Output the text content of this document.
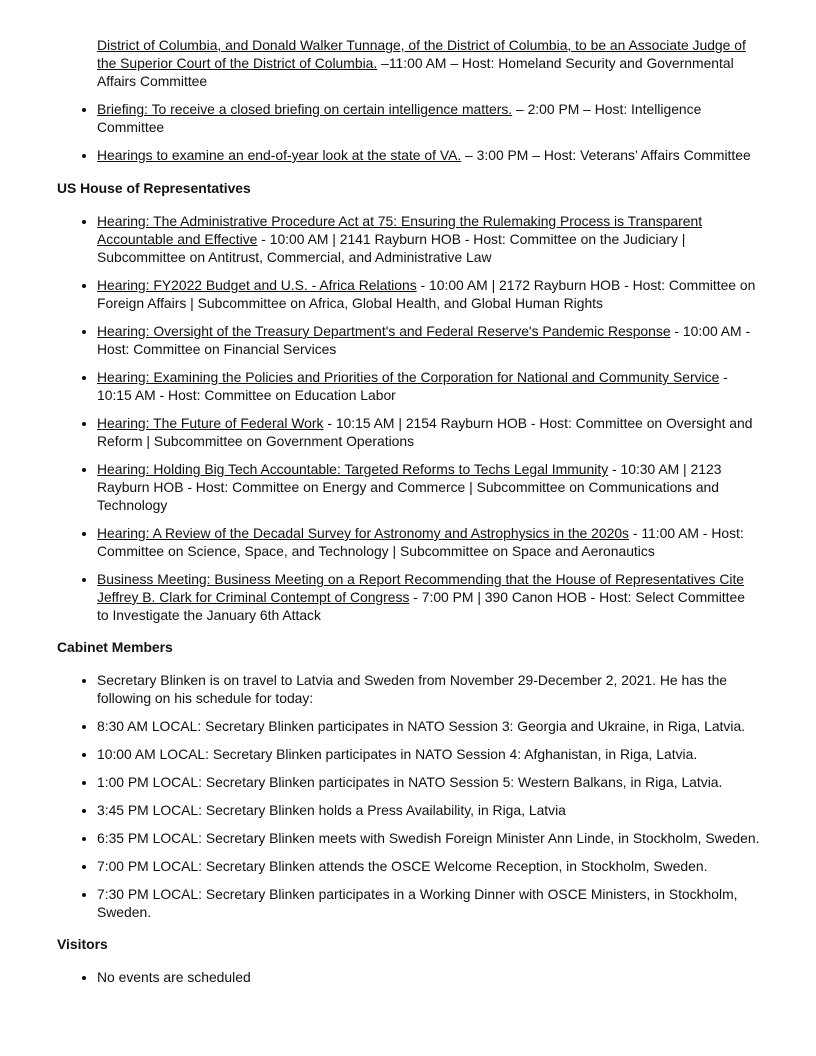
District of Columbia, and Donald Walker Tunnage, of the District of Columbia, to be an Associate Judge of the Superior Court of the District of Columbia. –11:00 AM – Host: Homeland Security and Governmental Affairs Committee
• Briefing: To receive a closed briefing on certain intelligence matters. – 2:00 PM – Host: Intelligence Committee
• Hearings to examine an end-of-year look at the state of VA. – 3:00 PM – Host: Veterans’ Affairs Committee
US House of Representatives
• Hearing: The Administrative Procedure Act at 75: Ensuring the Rulemaking Process is Transparent Accountable and Effective - 10:00 AM | 2141 Rayburn HOB - Host: Committee on the Judiciary | Subcommittee on Antitrust, Commercial, and Administrative Law
• Hearing: FY2022 Budget and U.S. - Africa Relations - 10:00 AM | 2172 Rayburn HOB - Host: Committee on Foreign Affairs | Subcommittee on Africa, Global Health, and Global Human Rights
• Hearing: Oversight of the Treasury Department's and Federal Reserve's Pandemic Response - 10:00 AM - Host: Committee on Financial Services
• Hearing: Examining the Policies and Priorities of the Corporation for National and Community Service - 10:15 AM - Host: Committee on Education Labor
• Hearing: The Future of Federal Work - 10:15 AM | 2154 Rayburn HOB - Host: Committee on Oversight and Reform | Subcommittee on Government Operations
• Hearing: Holding Big Tech Accountable: Targeted Reforms to Techs Legal Immunity - 10:30 AM | 2123 Rayburn HOB - Host: Committee on Energy and Commerce | Subcommittee on Communications and Technology
• Hearing: A Review of the Decadal Survey for Astronomy and Astrophysics in the 2020s - 11:00 AM - Host: Committee on Science, Space, and Technology | Subcommittee on Space and Aeronautics
• Business Meeting: Business Meeting on a Report Recommending that the House of Representatives Cite Jeffrey B. Clark for Criminal Contempt of Congress - 7:00 PM | 390 Canon HOB - Host: Select Committee to Investigate the January 6th Attack
Cabinet Members
• Secretary Blinken is on travel to Latvia and Sweden from November 29-December 2, 2021. He has the following on his schedule for today:
• 8:30 AM LOCAL: Secretary Blinken participates in NATO Session 3: Georgia and Ukraine, in Riga, Latvia.
• 10:00 AM LOCAL: Secretary Blinken participates in NATO Session 4: Afghanistan, in Riga, Latvia.
• 1:00 PM LOCAL: Secretary Blinken participates in NATO Session 5: Western Balkans, in Riga, Latvia.
• 3:45 PM LOCAL: Secretary Blinken holds a Press Availability, in Riga, Latvia
• 6:35 PM LOCAL: Secretary Blinken meets with Swedish Foreign Minister Ann Linde, in Stockholm, Sweden.
• 7:00 PM LOCAL: Secretary Blinken attends the OSCE Welcome Reception, in Stockholm, Sweden.
• 7:30 PM LOCAL: Secretary Blinken participates in a Working Dinner with OSCE Ministers, in Stockholm, Sweden.
Visitors
• No events are scheduled
